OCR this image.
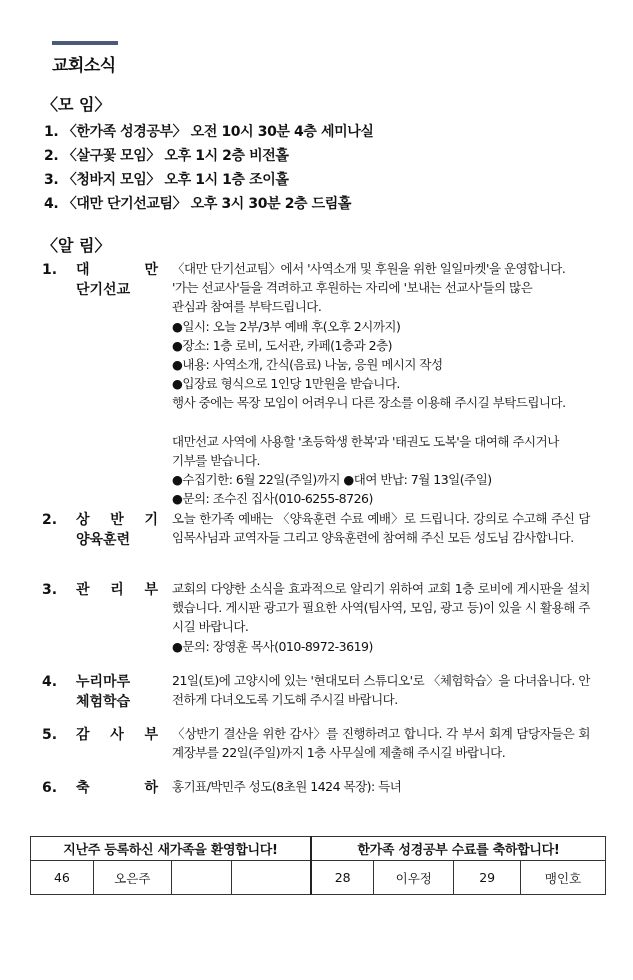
교회소식
〈모 임〉
1. 〈한가족 성경공부〉 오전 10시 30분 4층 세미나실
2. 〈살구꽃 모임〉 오후 1시 2층 비전홀
3. 〈청바지 모임〉 오후 1시 1층 조이홀
4. 〈대만 단기선교팀〉 오후 3시 30분 2층 드림홀
〈알 림〉
1. 대 만
단기선교

〈대만 단기선교팀〉에서 '사역소개 및 후원을 위한 일일마켓'을 운영합니다.

'가는 선교사'들을 격려하고 후원하는 자리에 '보내는 선교사'들의 많은

관심과 참여를 부탁드립니다.

●일시: 오늘 2부/3부 예배 후(오후 2시까지)

●장소: 1층 로비, 도서관, 카페(1층과 2층)

●내용: 사역소개, 간식(음료) 나눔, 응원 메시지 작성

●입장료 형식으로 1인당 1만원을 받습니다.

행사 중에는 목장 모임이 어려우니 다른 장소를 이용해 주시길 부탁드립니다.

대만선교 사역에 사용할 '초등학생 한복'과 '태권도 도복'을 대여해 주시거나

기부를 받습니다.

●수집기한: 6월 22일(주일)까지 ●대여 반납: 7월 13일(주일)

●문의: 조수진 집사(010-6255-8726)

2. 상 반 기
양육훈련

오늘 한가족 예배는 〈양육훈련 수료 예배〉로 드립니다. 강의로 수고해 주신 담임목사님과 교역자들 그리고 양육훈련에 참여해 주신 모든 성도님 감사합니다.

3. 관 리 부 교회의 다양한 소식을 효과적으로 알리기 위하여 교회 1층 로비에 게시판을 설치했습니다. 게시판 광고가 필요한 사역(팀사역, 모임, 광고 등)이 있을 시 활용해 주시길 바랍니다.

●문의: 장영훈 목사(010-8972-3619)

4. 누리마루
체험학습

21일(토)에 고양시에 있는 '현대모터 스튜디오'로 〈체험학습〉을 다녀옵니다. 안전하게 다녀오도록 기도해 주시길 바랍니다.

5. 감 사 부 〈상반기 결산을 위한 감사〉를 진행하려고 합니다. 각 부서 회계 담당자들은 회계장부를 22일(주일)까지 1층 사무실에 제출해 주시길 바랍니다.

6. 축 하 홍기표/박민주 성도(8초원 1424 목장): 득녀

지난주 등록하신 새가족을 환영합니다!				한가족 성경공부 수료를 축하합니다!			
46	오은주			28	이우정	29	맹인호
